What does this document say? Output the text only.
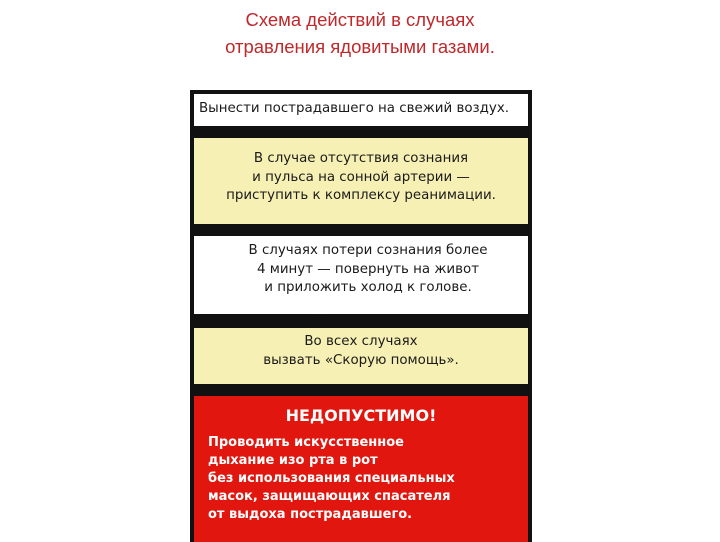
Схема действий в случаях
отравления ядовитыми газами.
Вынести пострадавшего на свежий воздух.
В случае отсутствия сознания
и пульса на сонной артерии —
приступить к комплексу реанимации.
В случаях потери сознания более
4 минут — повернуть на живот
и приложить холод к голове.
Во всех случаях
вызвать «Скорую помощь».
НЕДОПУСТИМО!
Проводить искусственное
дыхание изо рта в рот
без использования специальных
масок, защищающих спасателя
от выдоха пострадавшего.
